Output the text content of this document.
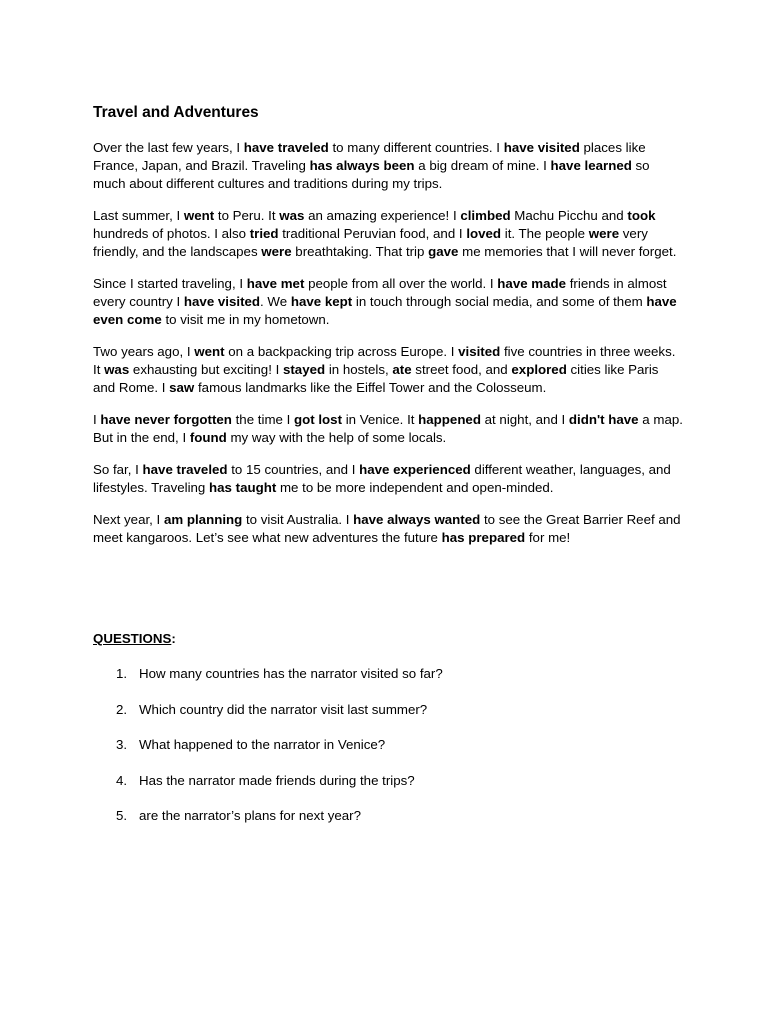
Travel and Adventures

Over the last few years, I have traveled to many different countries. I have visited places like France, Japan, and Brazil. Traveling has always been a big dream of mine. I have learned so much about different cultures and traditions during my trips.

Last summer, I went to Peru. It was an amazing experience! I climbed Machu Picchu and took hundreds of photos. I also tried traditional Peruvian food, and I loved it. The people were very friendly, and the landscapes were breathtaking. That trip gave me memories that I will never forget.

Since I started traveling, I have met people from all over the world. I have made friends in almost every country I have visited. We have kept in touch through social media, and some of them have even come to visit me in my hometown.

Two years ago, I went on a backpacking trip across Europe. I visited five countries in three weeks. It was exhausting but exciting! I stayed in hostels, ate street food, and explored cities like Paris and Rome. I saw famous landmarks like the Eiffel Tower and the Colosseum.

I have never forgotten the time I got lost in Venice. It happened at night, and I didn't have a map. But in the end, I found my way with the help of some locals.

So far, I have traveled to 15 countries, and I have experienced different weather, languages, and lifestyles. Traveling has taught me to be more independent and open-minded.

Next year, I am planning to visit Australia. I have always wanted to see the Great Barrier Reef and meet kangaroos. Let’s see what new adventures the future has prepared for me!

QUESTIONS:

1. How many countries has the narrator visited so far?
2. Which country did the narrator visit last summer?
3. What happened to the narrator in Venice?
4. Has the narrator made friends during the trips?
5. are the narrator’s plans for next year?
